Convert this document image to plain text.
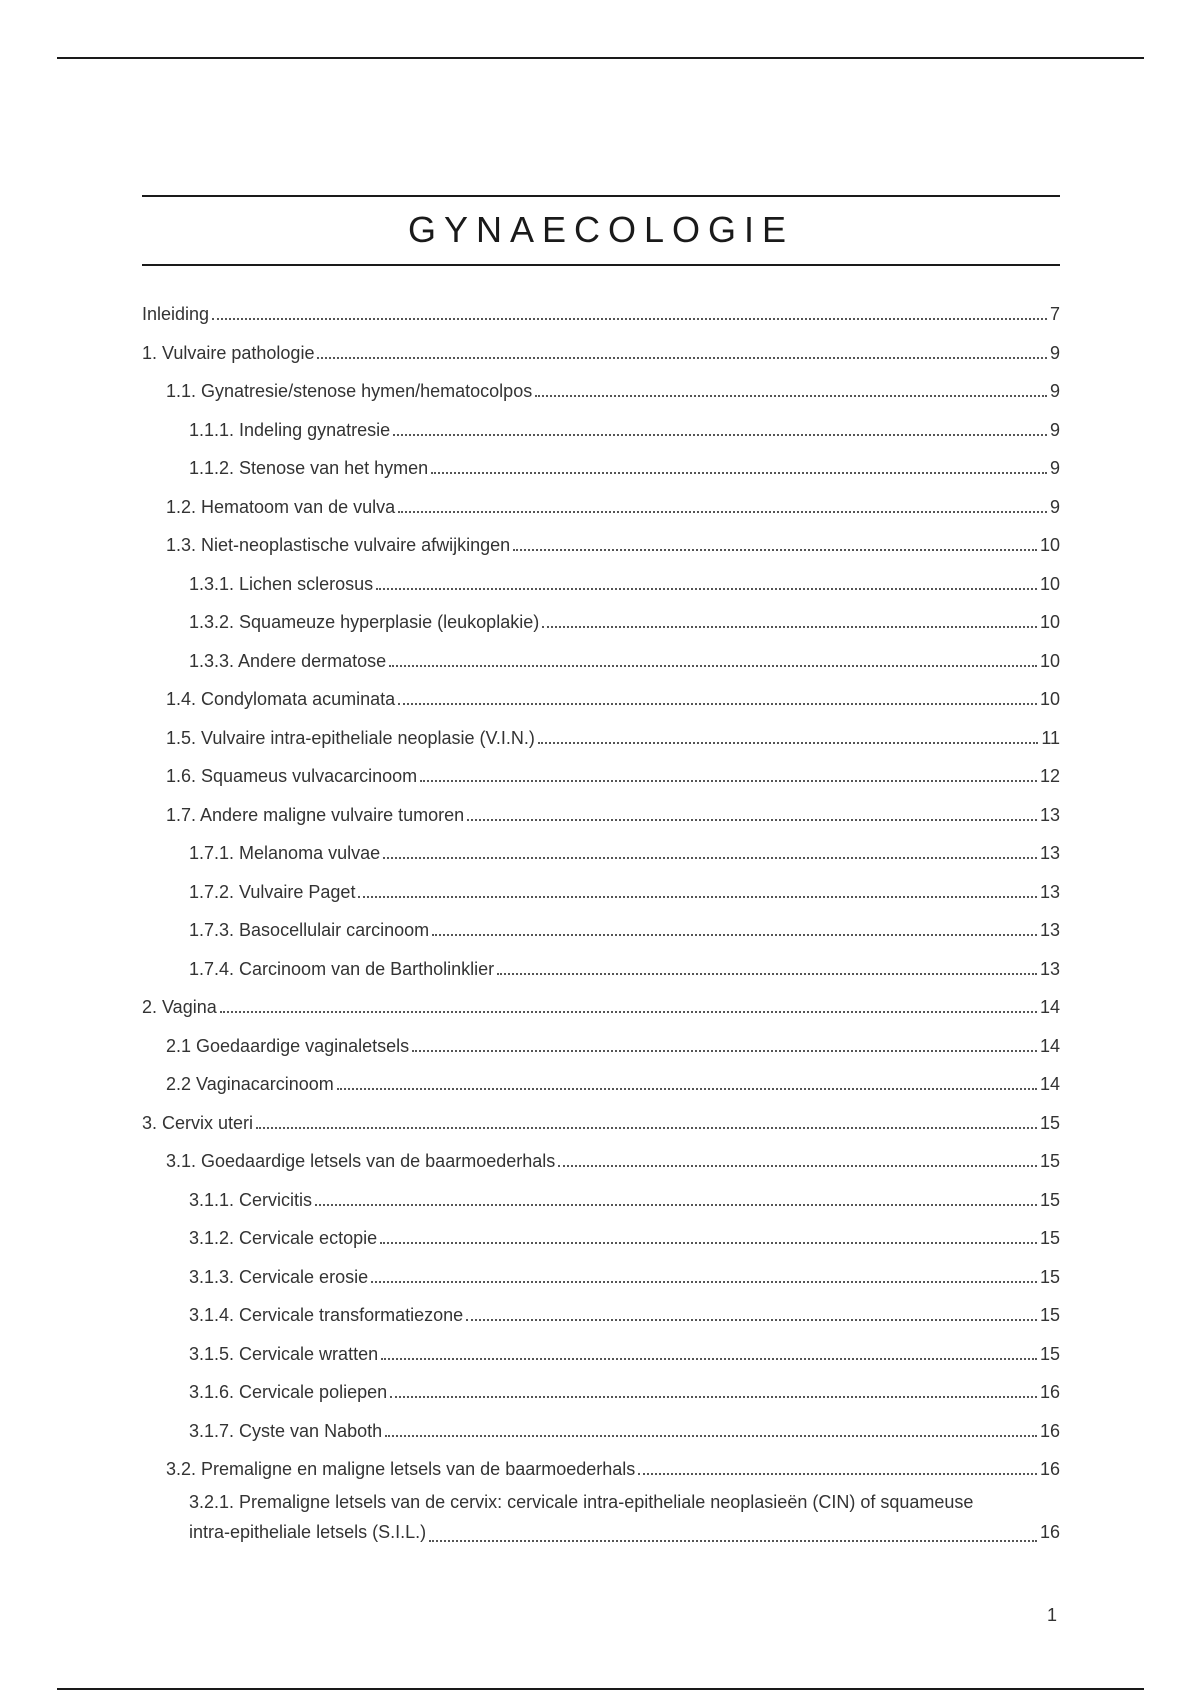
GYNAECOLOGIE
Inleiding	7
1. Vulvaire pathologie	9
1.1. Gynatresie/stenose hymen/hematocolpos	9
1.1.1. Indeling gynatresie	9
1.1.2. Stenose van het hymen	9
1.2. Hematoom van de vulva	9
1.3. Niet-neoplastische vulvaire afwijkingen	10
1.3.1. Lichen sclerosus	10
1.3.2. Squameuze hyperplasie (leukoplakie)	10
1.3.3. Andere dermatose	10
1.4. Condylomata acuminata	10
1.5. Vulvaire intra-epitheliale neoplasie (V.I.N.)	11
1.6. Squameus vulvacarcinoom	12
1.7. Andere maligne vulvaire tumoren	13
1.7.1. Melanoma vulvae	13
1.7.2. Vulvaire Paget	13
1.7.3. Basocellulair carcinoom	13
1.7.4. Carcinoom van de Bartholinklier	13
2. Vagina	14
2.1 Goedaardige vaginaletsels	14
2.2 Vaginacarcinoom	14
3. Cervix uteri	15
3.1. Goedaardige letsels van de baarmoederhals	15
3.1.1. Cervicitis	15
3.1.2. Cervicale ectopie	15
3.1.3. Cervicale erosie	15
3.1.4. Cervicale transformatiezone	15
3.1.5. Cervicale wratten	15
3.1.6. Cervicale poliepen	16
3.1.7. Cyste van Naboth	16
3.2. Premaligne en maligne letsels van de baarmoederhals	16
3.2.1. Premaligne letsels van de cervix: cervicale intra-epitheliale neoplasieën (CIN) of squameuse
intra-epitheliale letsels (S.I.L.)	16
1
